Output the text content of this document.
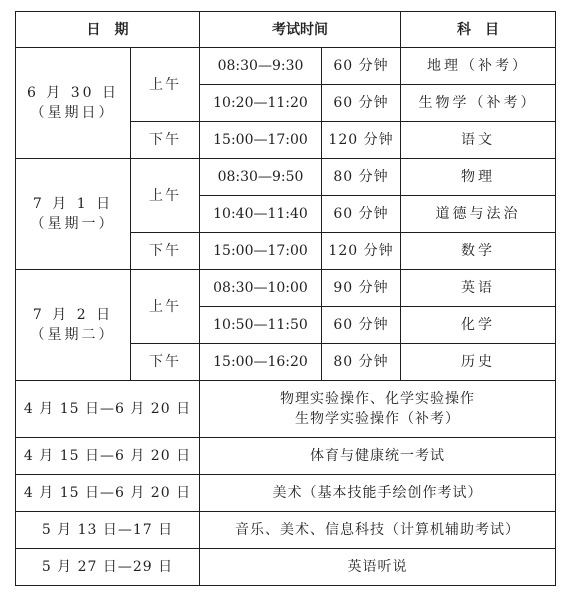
日　期		考试时间		科　目

6 月 30 日
（星期日）	上午	08:30—9:30	60 分钟	地理（补考）
		10:20—11:20	60 分钟	生物学（补考）
	下午	15:00—17:00	120 分钟	语文

7 月 1 日
（星期一）	上午	08:30—9:50	80 分钟	物理
		10:40—11:40	60 分钟	道德与法治
	下午	15:00—17:00	120 分钟	数学

7 月 2 日
（星期二）	上午	08:30—10:00	90 分钟	英语
		10:50—11:50	60 分钟	化学
	下午	15:00—16:20	80 分钟	历史
4 月 15 日—6 月 20 日		物理实验操作、化学实验操作
生物学实验操作（补考）		

4 月 15 日—6 月 20 日		体育与健康统一考试		
4 月 15 日—6 月 20 日		美术（基本技能手绘创作考试）		
5 月 13 日—17 日		音乐、美术、信息科技（计算机辅助考试）		
5 月 27 日—29 日		英语听说		
